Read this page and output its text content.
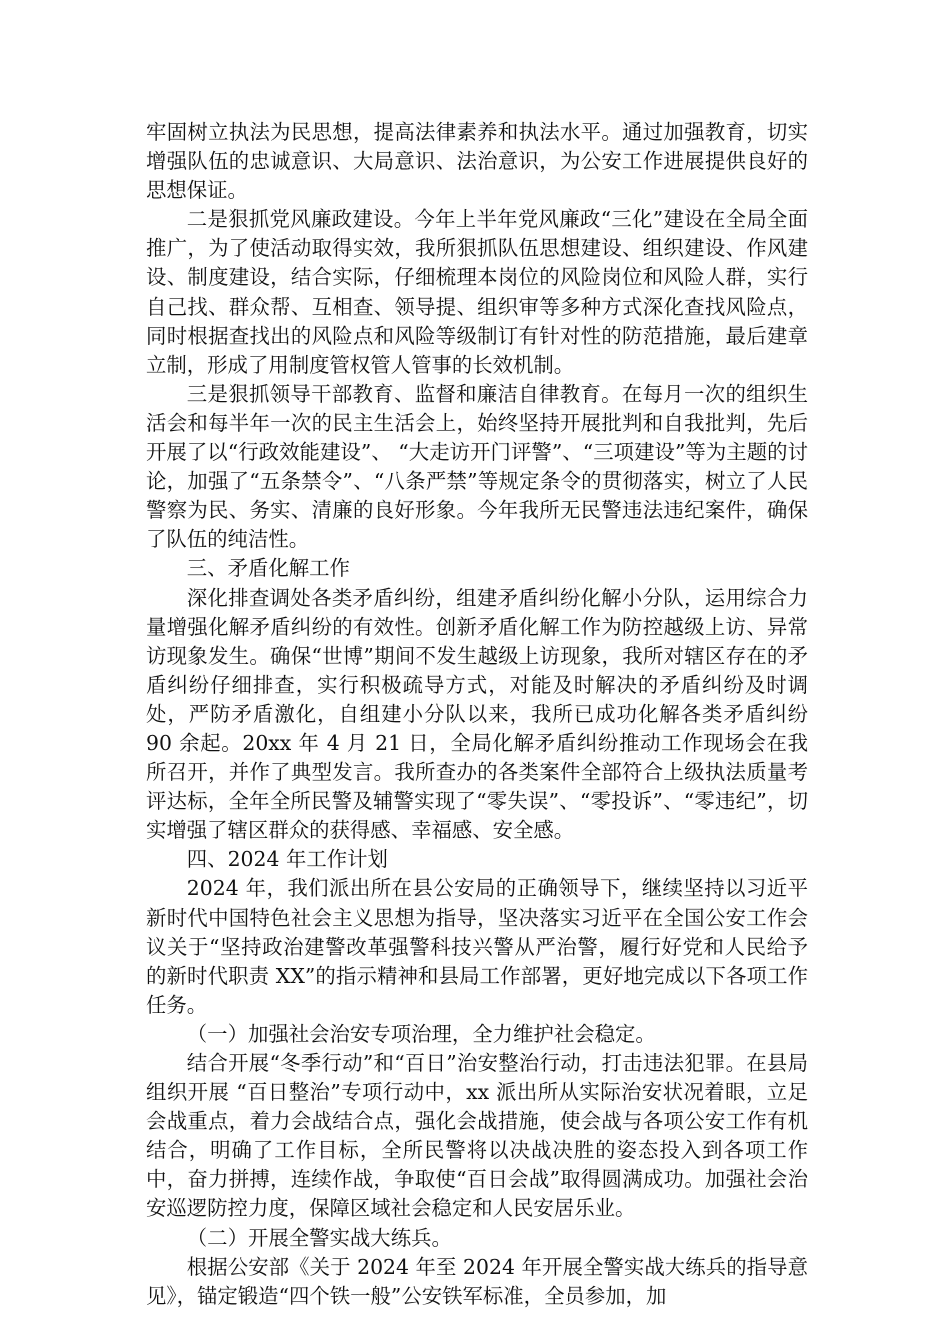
牢固树立执法为民思想，提高法律素养和执法水平。通过加强教育，切实增强队伍的忠诚意识、大局意识、法治意识，为公安工作进展提供良好的思想保证。

二是狠抓党风廉政建设。今年上半年党风廉政“三化”建设在全局全面推广，为了使活动取得实效，我所狠抓队伍思想建设、组织建设、作风建设、制度建设，结合实际，仔细梳理本岗位的风险岗位和风险人群，实行自己找、群众帮、互相查、领导提、组织审等多种方式深化查找风险点，同时根据查找出的风险点和风险等级制订有针对性的防范措施，最后建章立制，形成了用制度管权管人管事的长效机制。

三是狠抓领导干部教育、监督和廉洁自律教育。在每月一次的组织生活会和每半年一次的民主生活会上，始终坚持开展批判和自我批判，先后开展了以“行政效能建设”、 “大走访开门评警”、“三项建设”等为主题的讨论，加强了“五条禁令”、“八条严禁”等规定条令的贯彻落实，树立了人民警察为民、务实、清廉的良好形象。今年我所无民警违法违纪案件，确保了队伍的纯洁性。

三、矛盾化解工作

深化排查调处各类矛盾纠纷，组建矛盾纠纷化解小分队，运用综合力量增强化解矛盾纠纷的有效性。创新矛盾化解工作为防控越级上访、异常访现象发生。确保“世博”期间不发生越级上访现象，我所对辖区存在的矛盾纠纷仔细排查，实行积极疏导方式，对能及时解决的矛盾纠纷及时调处，严防矛盾激化，自组建小分队以来，我所已成功化解各类矛盾纠纷 90 余起。20xx 年 4 月 21 日，全局化解矛盾纠纷推动工作现场会在我所召开，并作了典型发言。我所查办的各类案件全部符合上级执法质量考评达标，全年全所民警及辅警实现了“零失误”、“零投诉”、“零违纪”，切实增强了辖区群众的获得感、幸福感、安全感。

四、2024 年工作计划

2024 年，我们派出所在县公安局的正确领导下，继续坚持以习近平新时代中国特色社会主义思想为指导，坚决落实习近平在全国公安工作会议关于“坚持政治建警改革强警科技兴警从严治警，履行好党和人民给予的新时代职责 XX”的指示精神和县局工作部署，更好地完成以下各项工作任务。

（一）加强社会治安专项治理，全力维护社会稳定。

结合开展“冬季行动”和“百日”治安整治行动，打击违法犯罪。在县局组织开展 “百日整治”专项行动中，xx 派出所从实际治安状况着眼，立足会战重点，着力会战结合点，强化会战措施，使会战与各项公安工作有机结合，明确了工作目标，全所民警将以决战决胜的姿态投入到各项工作中，奋力拼搏，连续作战，争取使“百日会战”取得圆满成功。加强社会治安巡逻防控力度，保障区域社会稳定和人民安居乐业。

（二）开展全警实战大练兵。

根据公安部《关于 2024 年至 2024 年开展全警实战大练兵的指导意见》，锚定锻造“四个铁一般”公安铁军标准，全员参加，加
